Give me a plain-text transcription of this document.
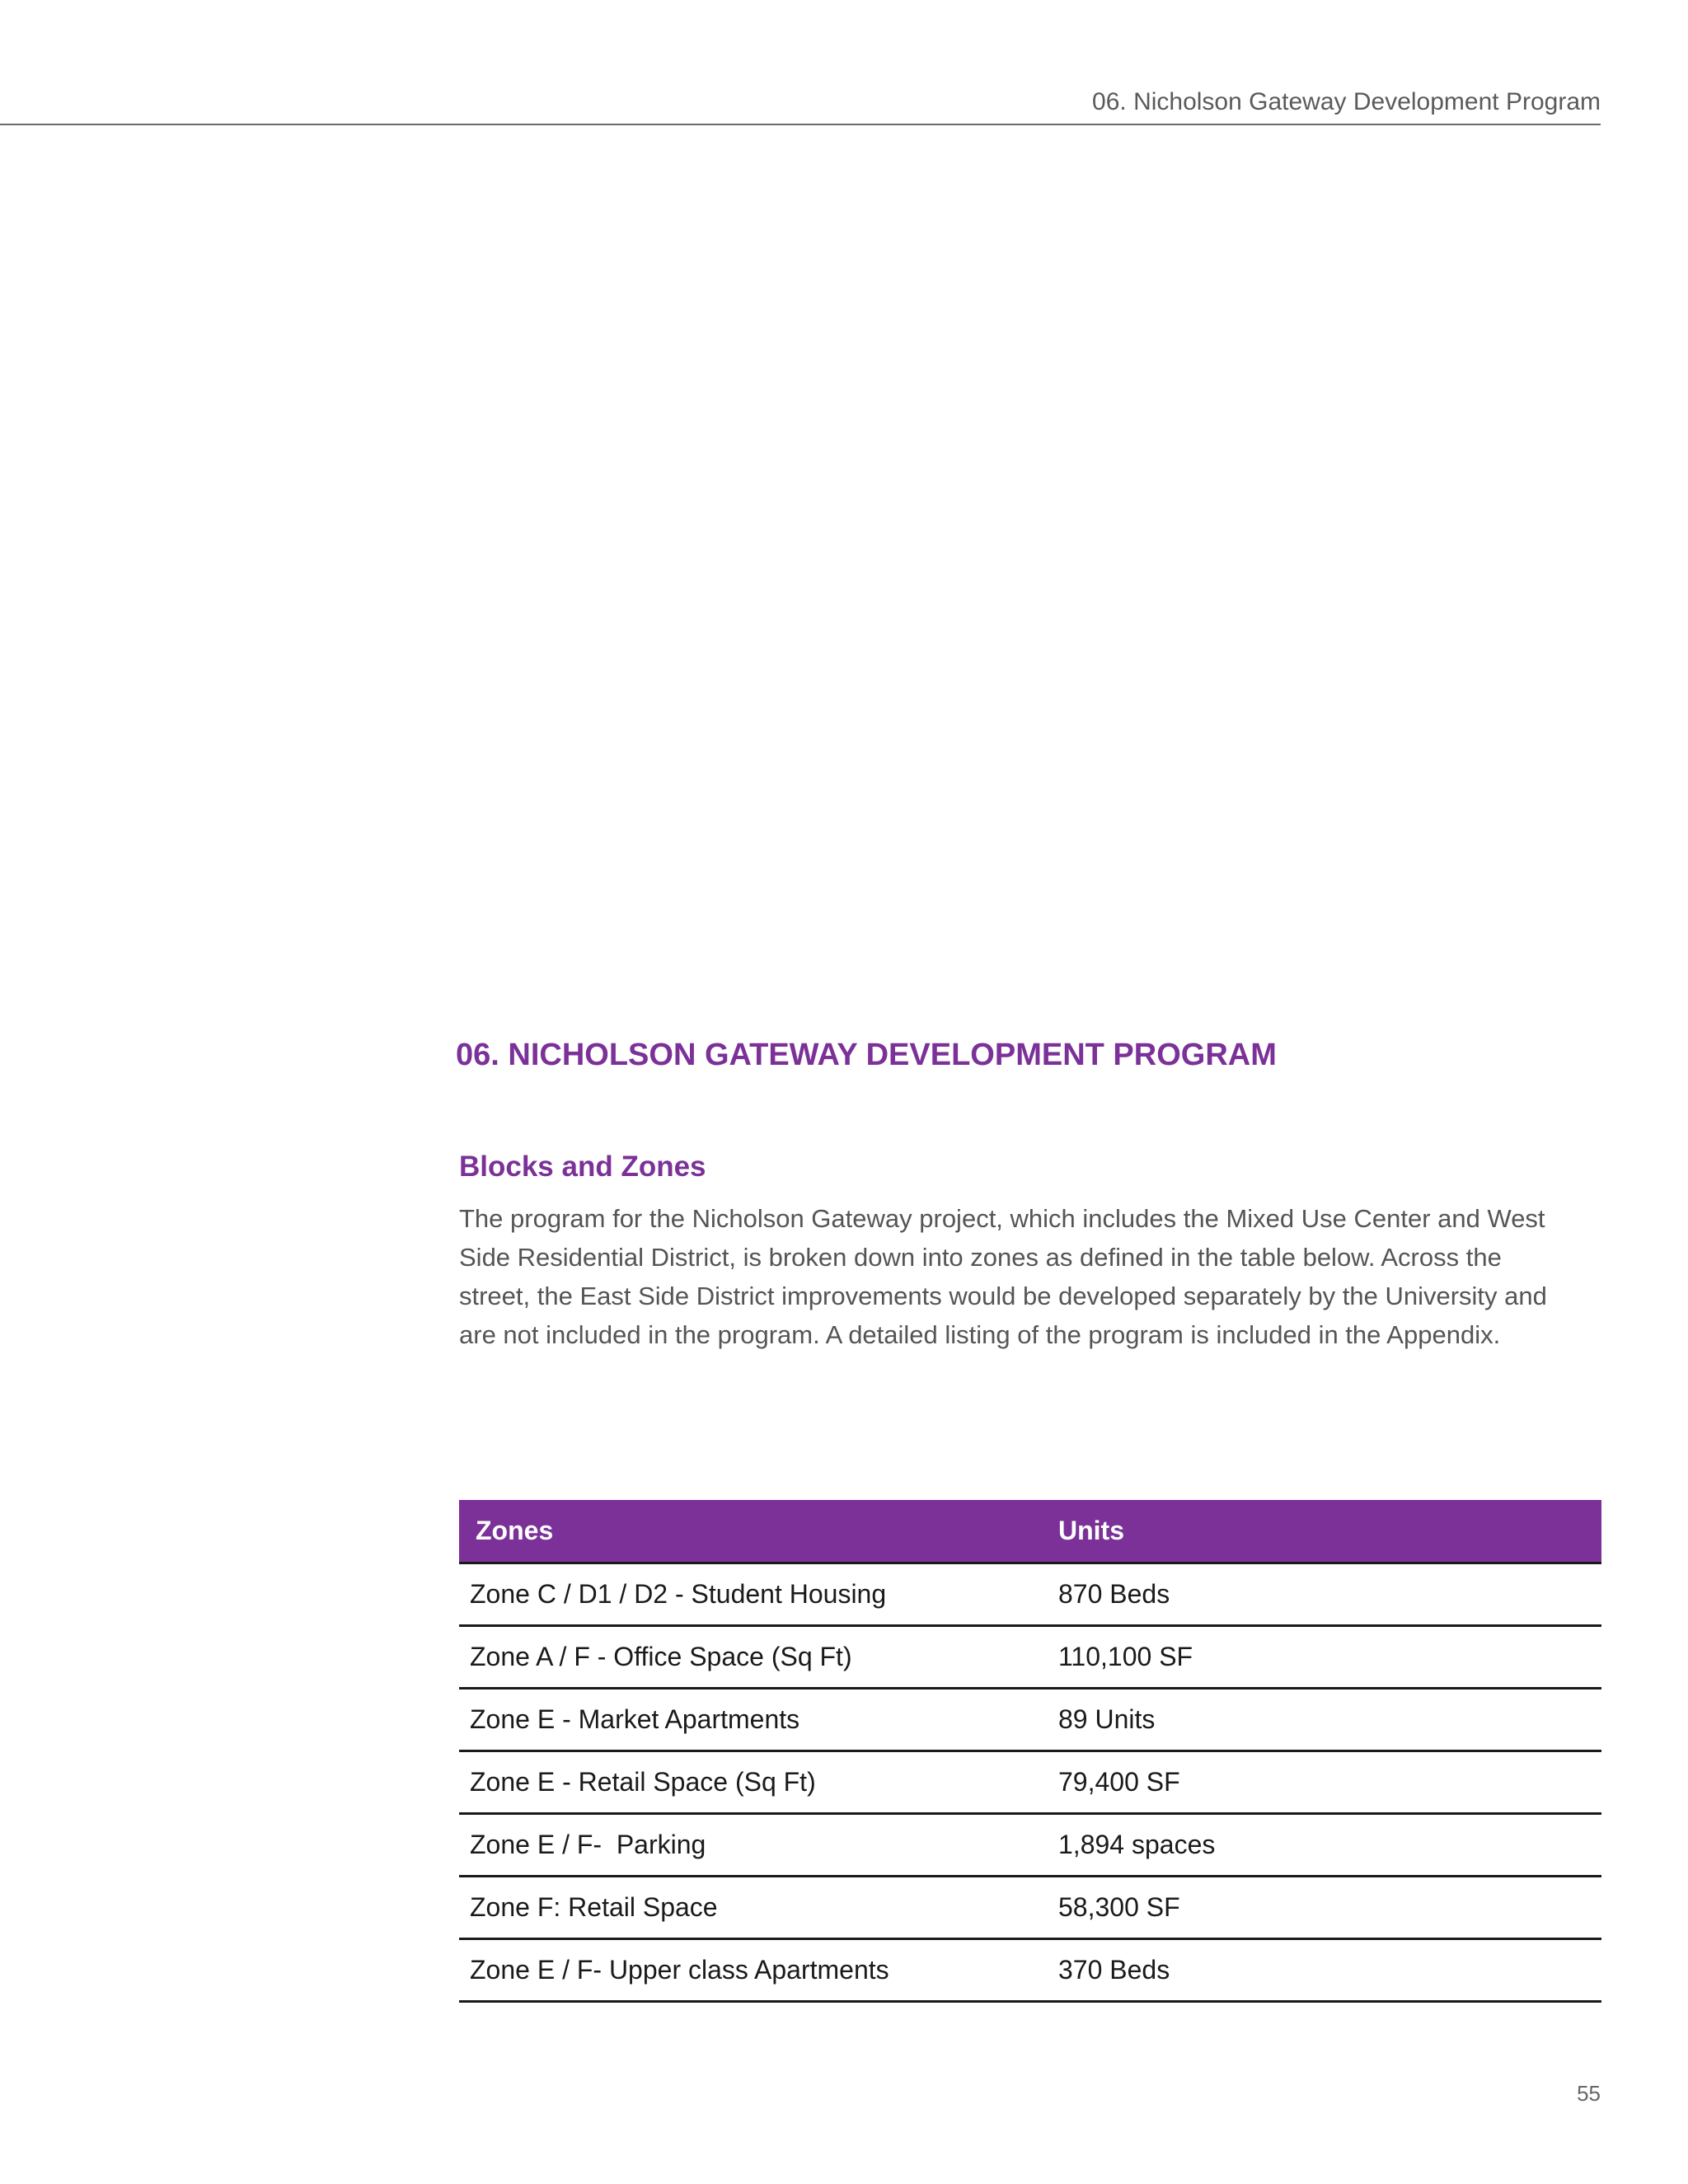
06. Nicholson Gateway Development Program
06. NICHOLSON GATEWAY DEVELOPMENT PROGRAM
Blocks and Zones

The program for the Nicholson Gateway project, which includes the Mixed Use Center and West
Side Residential District, is broken down into zones as defined in the table below. Across the
street, the East Side District improvements would be developed separately by the University and
are not included in the program. A detailed listing of the program is included in the Appendix.

Zones	Units
Zone C / D1 / D2 - Student Housing	870 Beds
Zone A / F - Office Space (Sq Ft)	110,100 SF
Zone E - Market Apartments	89 Units
Zone E - Retail Space (Sq Ft)	79,400 SF
Zone E / F-  Parking	1,894 spaces
Zone F: Retail Space	58,300 SF
Zone E / F- Upper class Apartments	370 Beds
55
